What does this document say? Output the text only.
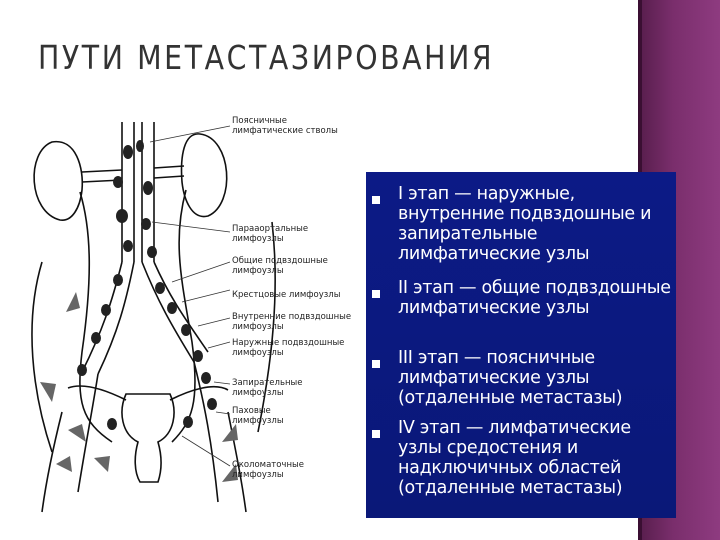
ПУТИ МЕТАСТАЗИРОВАНИЯ
Поясничные
лимфатические стволы
Парааортальные
лимфоузлы
Общие подвздошные
лимфоузлы
Крестцовые лимфоузлы
Внутренние подвздошные
лимфоузлы
Наружные подвздошные
лимфоузлы
Запирательные
лимфоузлы
Паховые
лимфоузлы
Околоматочные
лимфоузлы
I этап — наружные, внутренние подвздошные и запирательные лимфатические узлы
II этап — общие подвздошные лимфатические узлы
III этап — поясничные лимфатические узлы (отдаленные метастазы)
IV этап — лимфатические узлы средостения и надключичных областей (отдаленные метастазы)
